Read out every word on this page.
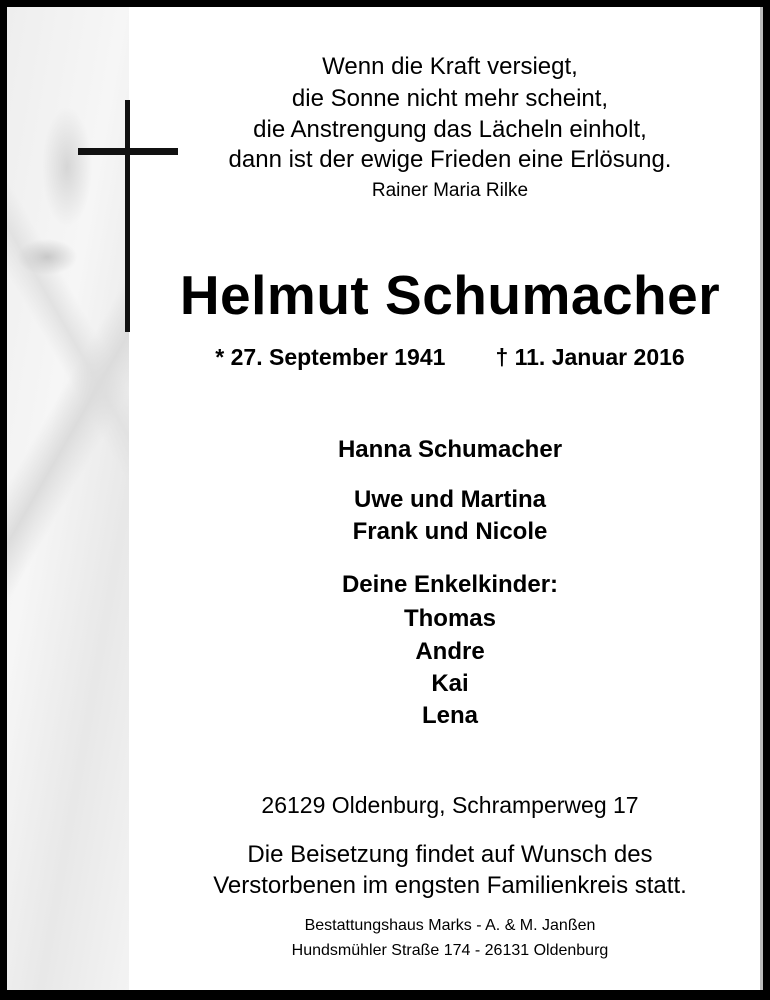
Wenn die Kraft versiegt,
die Sonne nicht mehr scheint,
die Anstrengung das Lächeln einholt,
dann ist der ewige Frieden eine Erlösung.
Rainer Maria Rilke
Helmut Schumacher
* 27. September 1941 † 11. Januar 2016
Hanna Schumacher
Uwe und Martina
Frank und Nicole
Deine Enkelkinder:
Thomas
Andre
Kai
Lena
26129 Oldenburg, Schramperweg 17
Die Beisetzung findet auf Wunsch des
Verstorbenen im engsten Familienkreis statt.
Bestattungshaus Marks - A. & M. Janßen
Hundsmühler Straße 174 - 26131 Oldenburg
